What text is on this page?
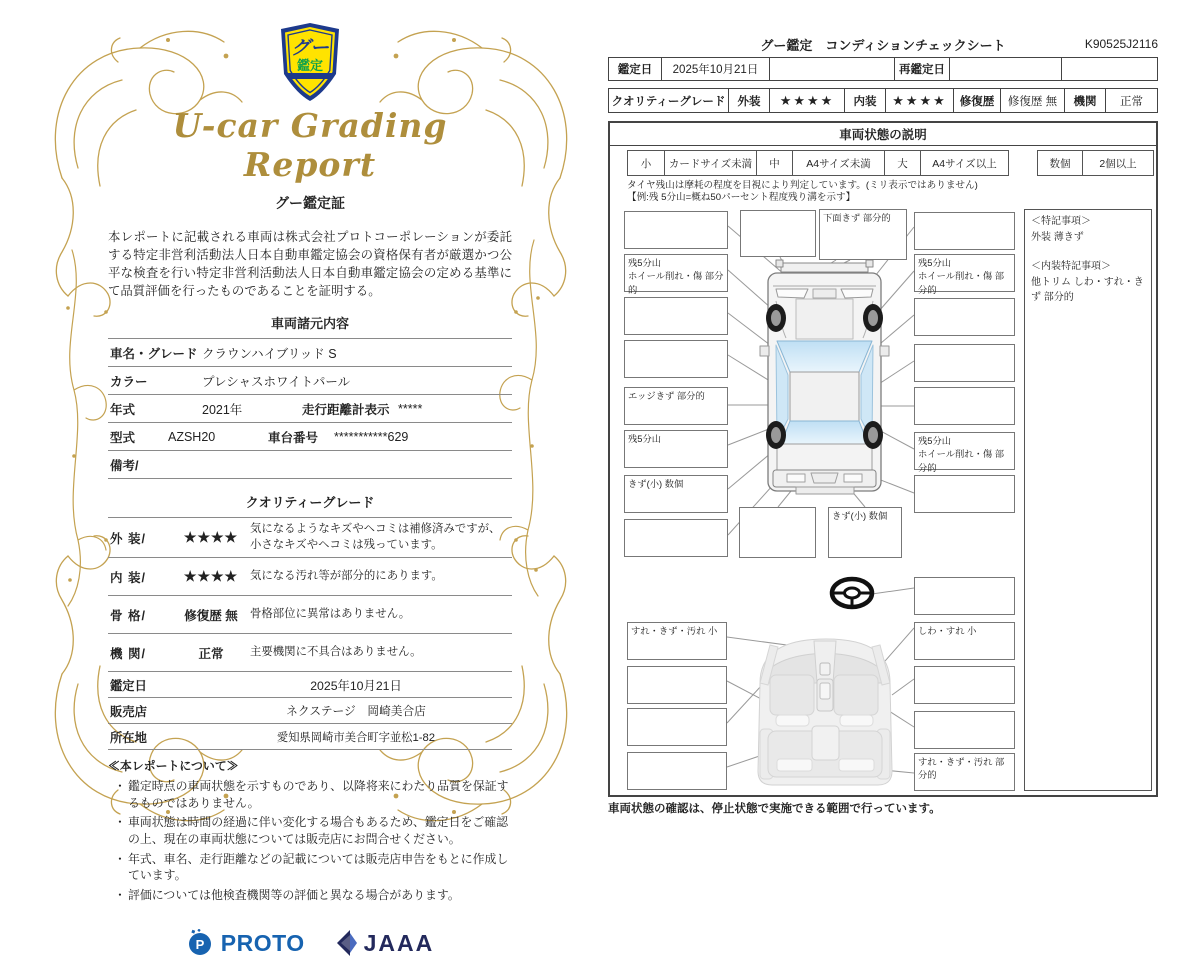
グー
鑑定
U-car Grading Report
グー鑑定証
本レポートに記載される車両は株式会社プロトコーポレーションが委託する特定非営利活動法人日本自動車鑑定協会の資格保有者が厳選かつ公平な検査を行い特定非営利活動法人日本自動車鑑定協会の定める基準にて品質評価を行ったものであることを証明する。
車両諸元内容
車名・グレード クラウンハイブリッド S
カラー	プレシャスホワイトパール
年式	2021年	走行距離計表示 *****
型式	AZSH20	車台番号	***********629
備考/
クオリティーグレード
外 装/	★★★★	気になるようなキズやヘコミは補修済みですが、小さなキズやヘコミは残っています。
内 装/	★★★★	気になる汚れ等が部分的にあります。
骨 格/	修復歴 無	骨格部位に異常はありません。
機 関/	正常	主要機関に不具合はありません。
鑑定日	2025年10月21日
販売店	ネクステージ　岡崎美合店
所在地	愛知県岡崎市美合町字並松1-82
≪本レポートについて≫
・ 鑑定時点の車両状態を示すものであり、以降将来にわたり品質を保証するものではありません。
・ 車両状態は時間の経過に伴い変化する場合もあるため、鑑定日をご確認の上、現在の車両状態については販売店にお問合せください。
・ 年式、車名、走行距離などの記載については販売店申告をもとに作成しています。
・ 評価については他検査機関等の評価と異なる場合があります。
P PROTO	JAAA
グー鑑定　コンディションチェックシート	K90525J2116
鑑定日	2025年10月21日	再鑑定日
クオリティーグレード	外装	★★★★	内装	★★★★	修復歴	修復歴 無	機関	正常
車両状態の説明
小	カードサイズ未満	中	A4サイズ未満	大	A4サイズ以上	数個	2個以上
タイヤ残山は摩耗の程度を目視により判定しています。(ミリ表示ではありません)
【例:残 5分山=概ね50パーセント程度残り溝を示す】
残5分山
ホイール削れ・傷 部分的
エッジきず 部分的
残5分山
きず(小) 数個
下面きず 部分的
きず(小) 数個
残5分山
ホイール削れ・傷 部分的
残5分山
ホイール削れ・傷 部分的
すれ・きず・汚れ 小	しわ・すれ 小
すれ・きず・汚れ 部分的
＜特記事項＞
外装 薄きず
＜内装特記事項＞
他トリム しわ・すれ・きず 部分的
車両状態の確認は、停止状態で実施できる範囲で行っています。
